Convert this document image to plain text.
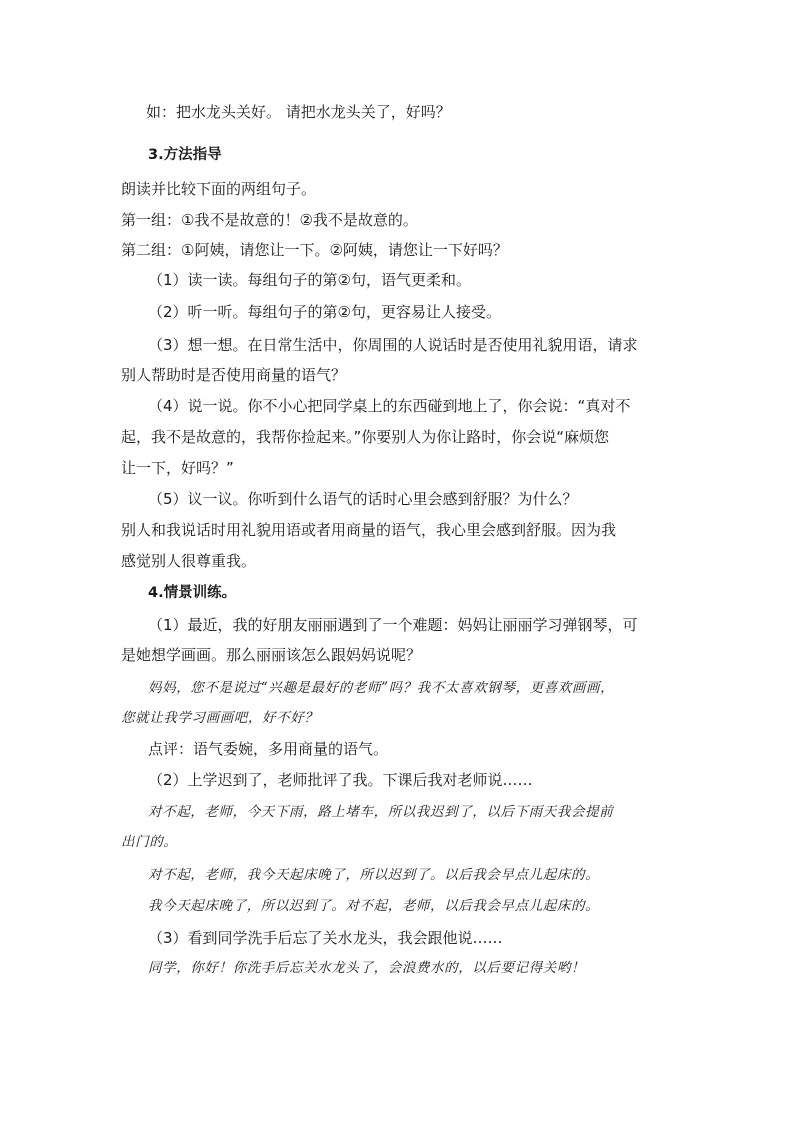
如：把水龙头关好。 请把水龙头关了，好吗？
3.方法指导
朗读并比较下面的两组句子。
第一组：①我不是故意的！②我不是故意的。
第二组：①阿姨，请您让一下。②阿姨，请您让一下好吗？
（1）读一读。每组句子的第②句，语气更柔和。
（2）听一听。每组句子的第②句，更容易让人接受。
（3）想一想。在日常生活中，你周围的人说话时是否使用礼貌用语，请求
别人帮助时是否使用商量的语气？
（4）说一说。你不小心把同学桌上的东西碰到地上了，你会说：“真对不
起，我不是故意的，我帮你捡起来。”你要别人为你让路时，你会说“麻烦您
让一下，好吗？”
（5）议一议。你听到什么语气的话时心里会感到舒服？为什么？
别人和我说话时用礼貌用语或者用商量的语气，我心里会感到舒服。因为我
感觉别人很尊重我。
4.情景训练。
（1）最近，我的好朋友丽丽遇到了一个难题：妈妈让丽丽学习弹钢琴，可
是她想学画画。那么丽丽该怎么跟妈妈说呢？
妈妈，您不是说过“兴趣是最好的老师”吗？我不太喜欢钢琴，更喜欢画画，
您就让我学习画画吧，好不好？
点评：语气委婉，多用商量的语气。
（2）上学迟到了，老师批评了我。下课后我对老师说……
对不起，老师，今天下雨，路上堵车，所以我迟到了，以后下雨天我会提前
出门的。
对不起，老师，我今天起床晚了，所以迟到了。以后我会早点儿起床的。
我今天起床晚了，所以迟到了。对不起，老师，以后我会早点儿起床的。
（3）看到同学洗手后忘了关水龙头，我会跟他说……
同学，你好！你洗手后忘关水龙头了，会浪费水的，以后要记得关哟！
